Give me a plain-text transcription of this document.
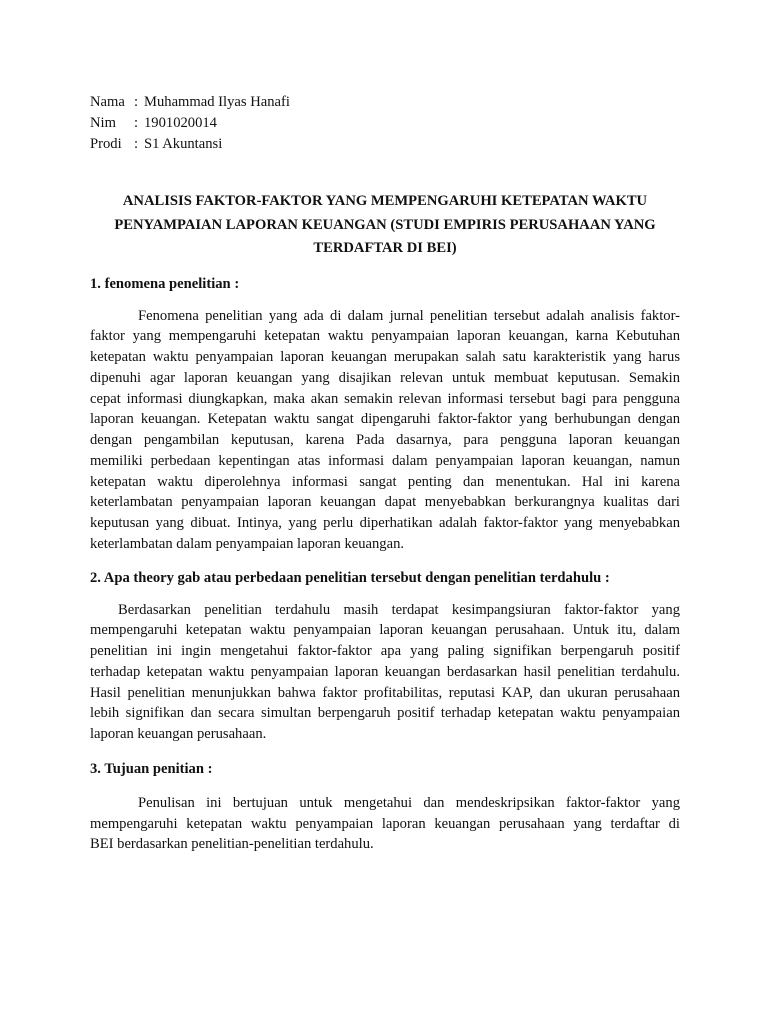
Nama : Muhammad Ilyas Hanafi
Nim	: 1901020014
Prodi : S1 Akuntansi
ANALISIS FAKTOR-FAKTOR YANG MEMPENGARUHI KETEPATAN WAKTU
PENYAMPAIAN LAPORAN KEUANGAN (STUDI EMPIRIS PERUSAHAAN YANG
TERDAFTAR DI BEI)
1. fenomena penelitian :
Fenomena penelitian yang ada di dalam jurnal penelitian tersebut adalah analisis faktor-
faktor yang mempengaruhi ketepatan waktu penyampaian laporan keuangan, karna Kebutuhan
ketepatan waktu penyampaian laporan keuangan merupakan salah satu karakteristik yang harus
dipenuhi agar laporan keuangan yang disajikan relevan untuk membuat keputusan. Semakin
cepat informasi diungkapkan, maka akan semakin relevan informasi tersebut bagi para pengguna
laporan keuangan. Ketepatan waktu sangat dipengaruhi faktor-faktor yang berhubungan dengan
dengan pengambilan keputusan, karena Pada dasarnya, para pengguna laporan keuangan
memiliki perbedaan kepentingan atas informasi dalam penyampaian laporan keuangan, namun
ketepatan waktu diperolehnya informasi sangat penting dan menentukan. Hal ini karena
keterlambatan penyampaian laporan keuangan dapat menyebabkan berkurangnya kualitas dari
keputusan yang dibuat. Intinya, yang perlu diperhatikan adalah faktor-faktor yang menyebabkan
keterlambatan dalam penyampaian laporan keuangan.
2. Apa theory gab atau perbedaan penelitian tersebut dengan penelitian terdahulu :
Berdasarkan penelitian terdahulu masih terdapat kesimpangsiuran faktor-faktor yang
mempengaruhi ketepatan waktu penyampaian laporan keuangan perusahaan. Untuk itu, dalam
penelitian ini ingin mengetahui faktor-faktor apa yang paling signifikan berpengaruh positif
terhadap ketepatan waktu penyampaian laporan keuangan berdasarkan hasil penelitian terdahulu.
Hasil penelitian menunjukkan bahwa faktor profitabilitas, reputasi KAP, dan ukuran perusahaan
lebih signifikan dan secara simultan berpengaruh positif terhadap ketepatan waktu penyampaian
laporan keuangan perusahaan.
3. Tujuan penitian :
Penulisan ini bertujuan untuk mengetahui dan mendeskripsikan faktor-faktor yang
mempengaruhi ketepatan waktu penyampaian laporan keuangan perusahaan yang terdaftar di
BEI berdasarkan penelitian-penelitian terdahulu.
